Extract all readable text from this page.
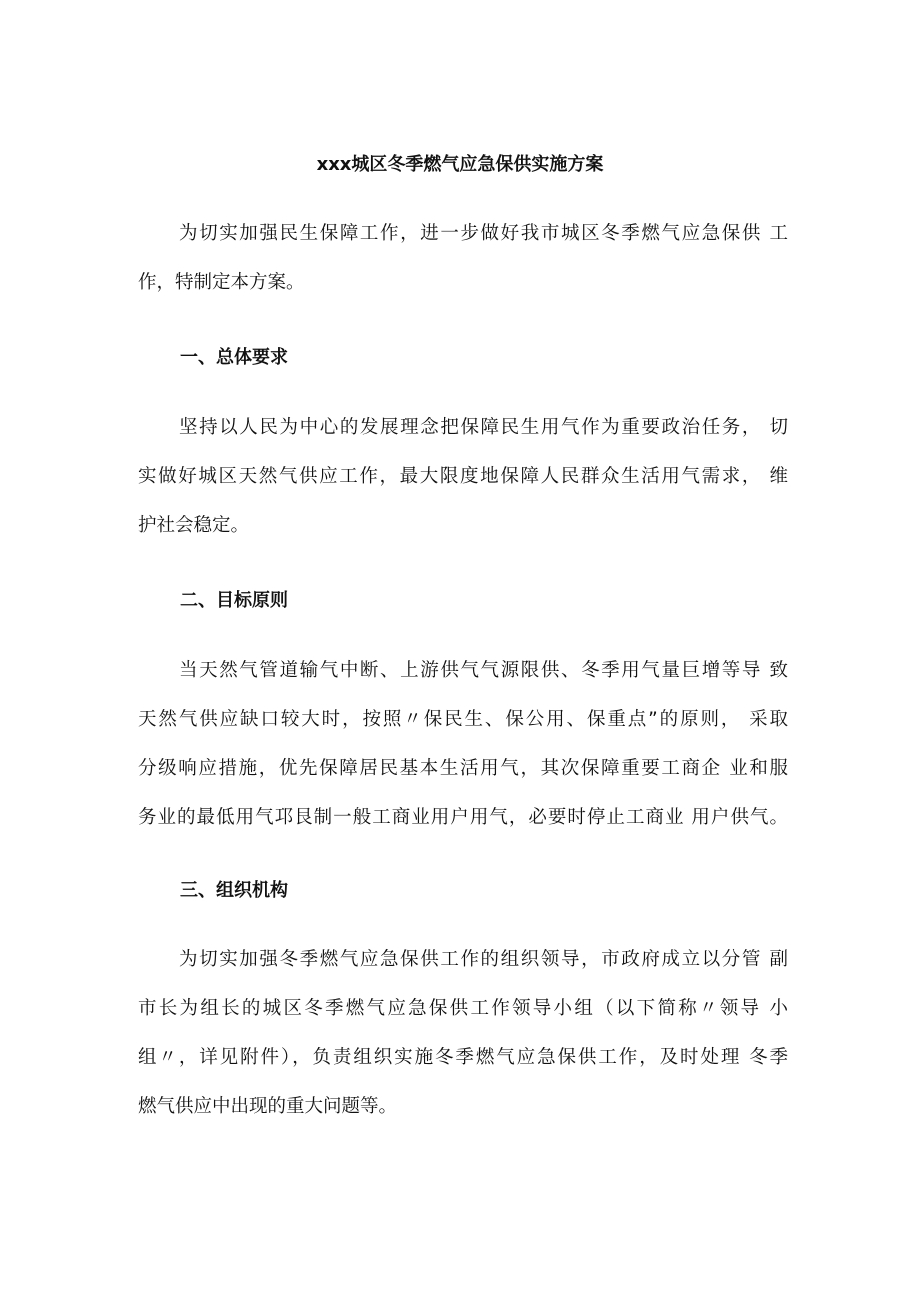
xxx城区冬季燃气应急保供实施方案
为切实加强民生保障工作，进一步做好我市城区冬季燃气应急保供 工
作，特制定本方案。
一、总体要求
坚持以人民为中心的发展理念把保障民生用气作为重要政治任务， 切
实做好城区天然气供应工作，最大限度地保障人民群众生活用气需求， 维
护社会稳定。
二、目标原则
当天然气管道输气中断、上游供气气源限供、冬季用气量巨增等导 致
天然气供应缺口较大时，按照〃保民生、保公用、保重点”的原则， 采取
分级响应措施，优先保障居民基本生活用气，其次保障重要工商企 业和服
务业的最低用气邛艮制一般工商业用户用气，必要时停止工商业 用户供气。
三、组织机构
为切实加强冬季燃气应急保供工作的组织领导，市政府成立以分管 副
市长为组长的城区冬季燃气应急保供工作领导小组（以下简称〃领导 小
组〃，详见附件），负责组织实施冬季燃气应急保供工作，及时处理 冬季
燃气供应中出现的重大问题等。
